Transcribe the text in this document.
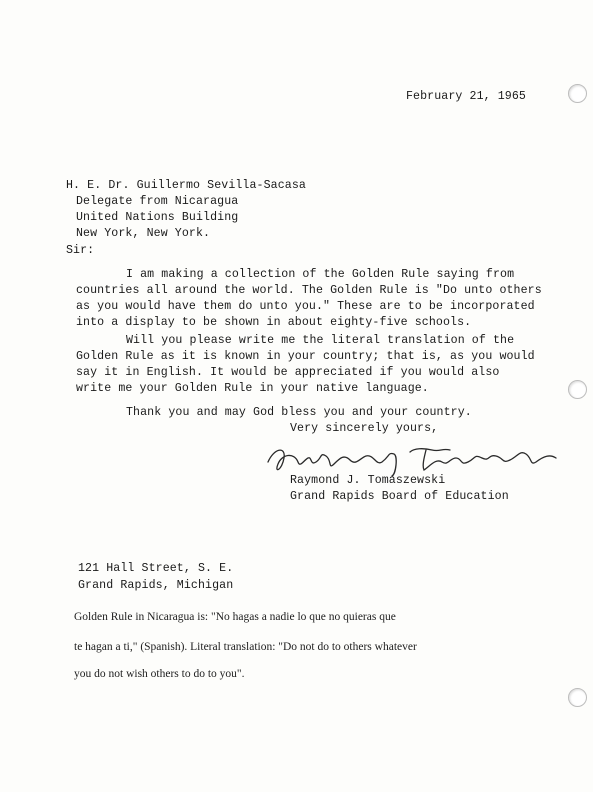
February 21, 1965
H. E. Dr. Guillermo Sevilla-Sacasa
Delegate from Nicaragua
United Nations Building
New York, New York.
Sir:
I am making a collection of the Golden Rule saying from
countries all around the world. The Golden Rule is "Do unto others
as you would have them do unto you." These are to be incorporated
into a display to be shown in about eighty-five schools.
Will you please write me the literal translation of the
Golden Rule as it is known in your country; that is, as you would
say it in English. It would be appreciated if you would also
write me your Golden Rule in your native language.
Thank you and may God bless you and your country.
Very sincerely yours,
Raymond J. Tomaszewski
Grand Rapids Board of Education
121 Hall Street, S. E.
Grand Rapids, Michigan
Golden Rule in Nicaragua is: "No hagas a nadie lo que no quieras que
te hagan a ti," (Spanish). Literal translation: "Do not do to others whatever
you do not wish others to do to you".
